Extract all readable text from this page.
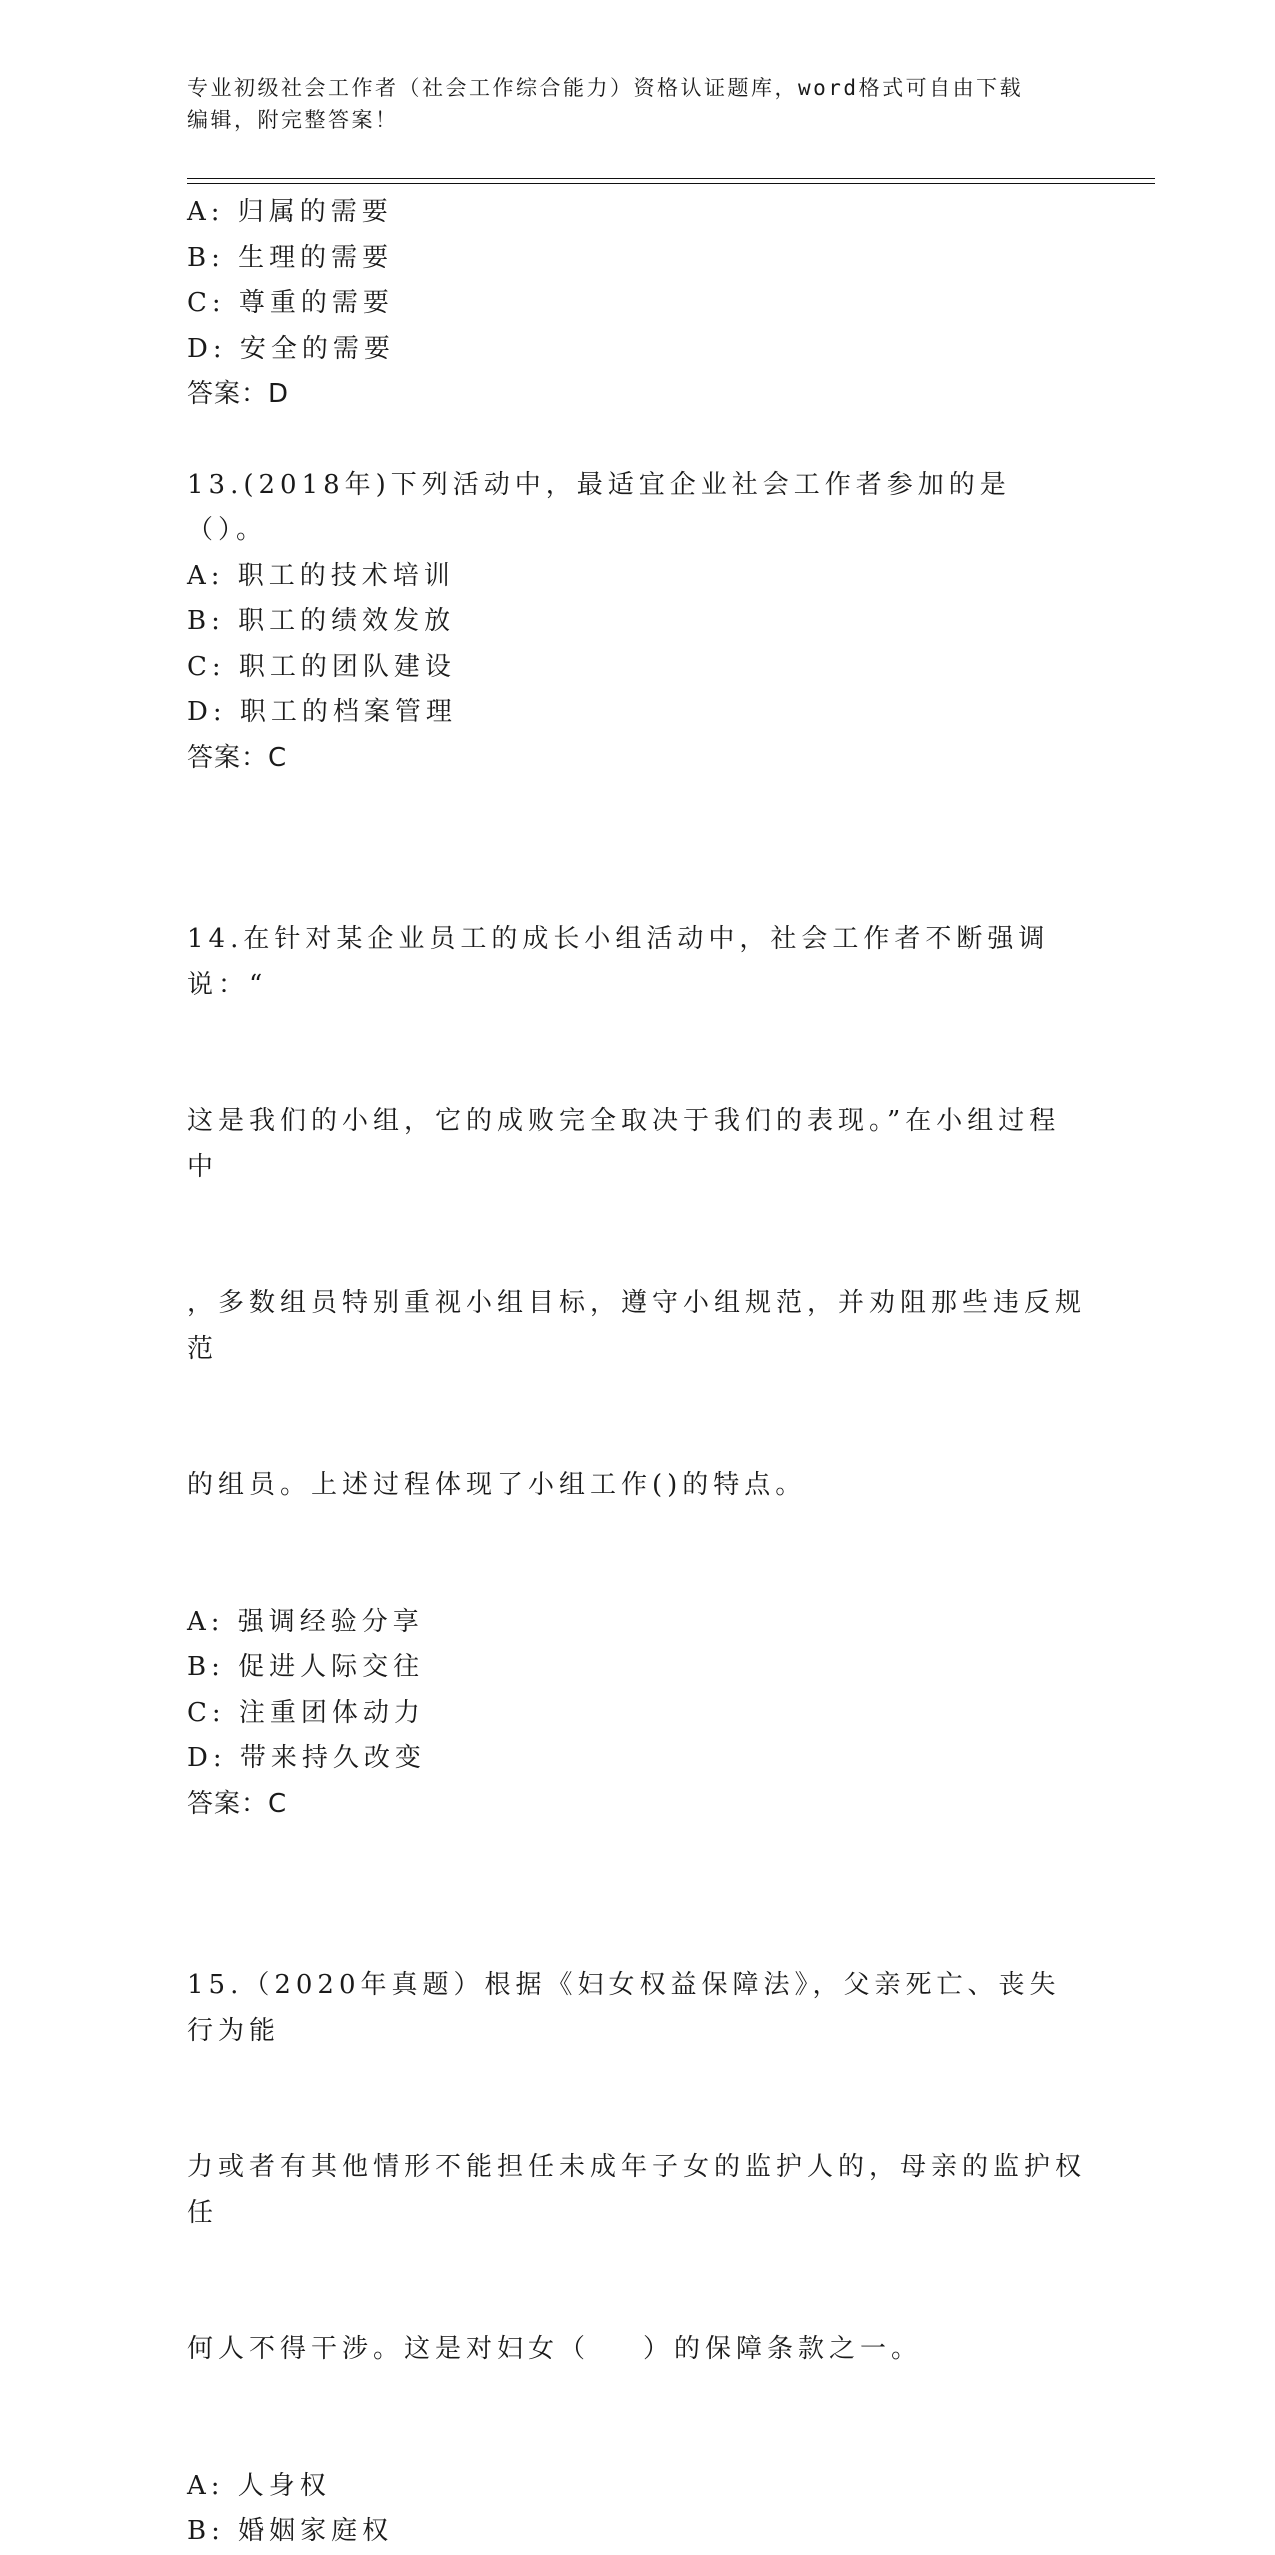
专业初级社会工作者（社会工作综合能力）资格认证题库，word格式可自由下载
编辑，附完整答案！
A: 归属的需要
B: 生理的需要
C: 尊重的需要
D: 安全的需要
答案：D
13.(2018年)下列活动中，最适宜企业社会工作者参加的是（）。
A: 职工的技术培训
B: 职工的绩效发放
C: 职工的团队建设
D: 职工的档案管理
答案：C

14.在针对某企业员工的成长小组活动中，社会工作者不断强调说：“

这是我们的小组，它的成败完全取决于我们的表现。”在小组过程中

，多数组员特别重视小组目标，遵守小组规范，并劝阻那些违反规范

的组员。上述过程体现了小组工作()的特点。

A: 强调经验分享
B: 促进人际交往
C: 注重团体动力
D: 带来持久改变
答案：C

15.（2020年真题）根据《妇女权益保障法》，父亲死亡、丧失行为能

力或者有其他情形不能担任未成年子女的监护人的，母亲的监护权任

何人不得干涉。这是对妇女（    ）的保障条款之一。

A: 人身权
B: 婚姻家庭权
